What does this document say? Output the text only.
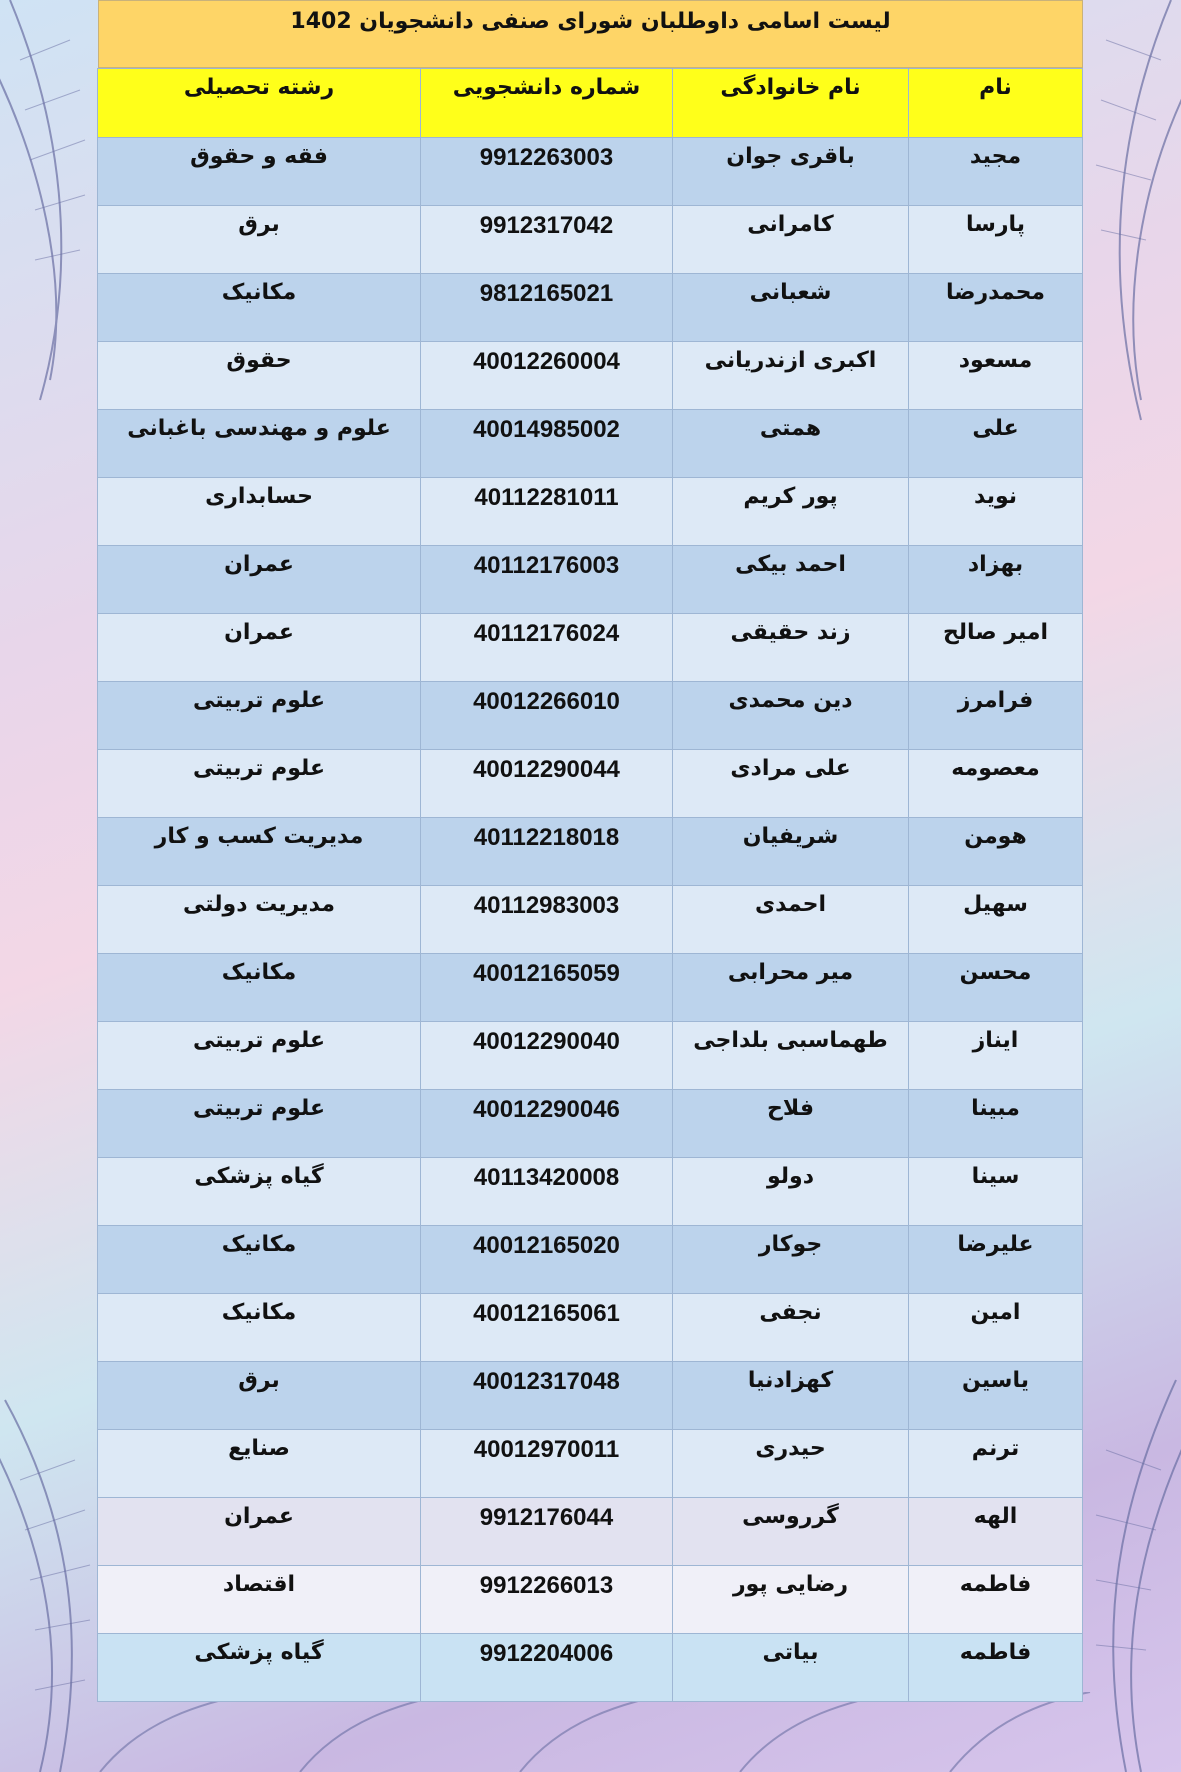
لیست اسامی داوطلبان شورای صنفی دانشجویان 1402
نام	نام خانوادگی	شماره دانشجویی	رشته تحصیلی
مجید	باقری جوان	9912263003	فقه و حقوق
پارسا	کامرانی	9912317042	برق
محمدرضا	شعبانی	9812165021	مکانیک
مسعود	اکبری ازندریانی	40012260004	حقوق
علی	همتی	40014985002	علوم و مهندسی باغبانی
نوید	پور کریم	40112281011	حسابداری
بهزاد	احمد بیکی	40112176003	عمران
امیر صالح	زند حقیقی	40112176024	عمران
فرامرز	دین محمدی	40012266010	علوم تربیتی
معصومه	علی مرادی	40012290044	علوم تربیتی
هومن	شریفیان	40112218018	مدیریت کسب و کار
سهیل	احمدی	40112983003	مدیریت دولتی
محسن	میر محرابی	40012165059	مکانیک
ایناز	طهماسبی بلداجی	40012290040	علوم تربیتی
مبینا	فلاح	40012290046	علوم تربیتی
سینا	دولو	40113420008	گیاه پزشکی
علیرضا	جوکار	40012165020	مکانیک
امین	نجفی	40012165061	مکانیک
یاسین	کهزادنیا	40012317048	برق
ترنم	حیدری	40012970011	صنایع
الهه	گرروسی	9912176044	عمران
فاطمه	رضایی پور	9912266013	اقتصاد
فاطمه	بیاتی	9912204006	گیاه پزشکی
